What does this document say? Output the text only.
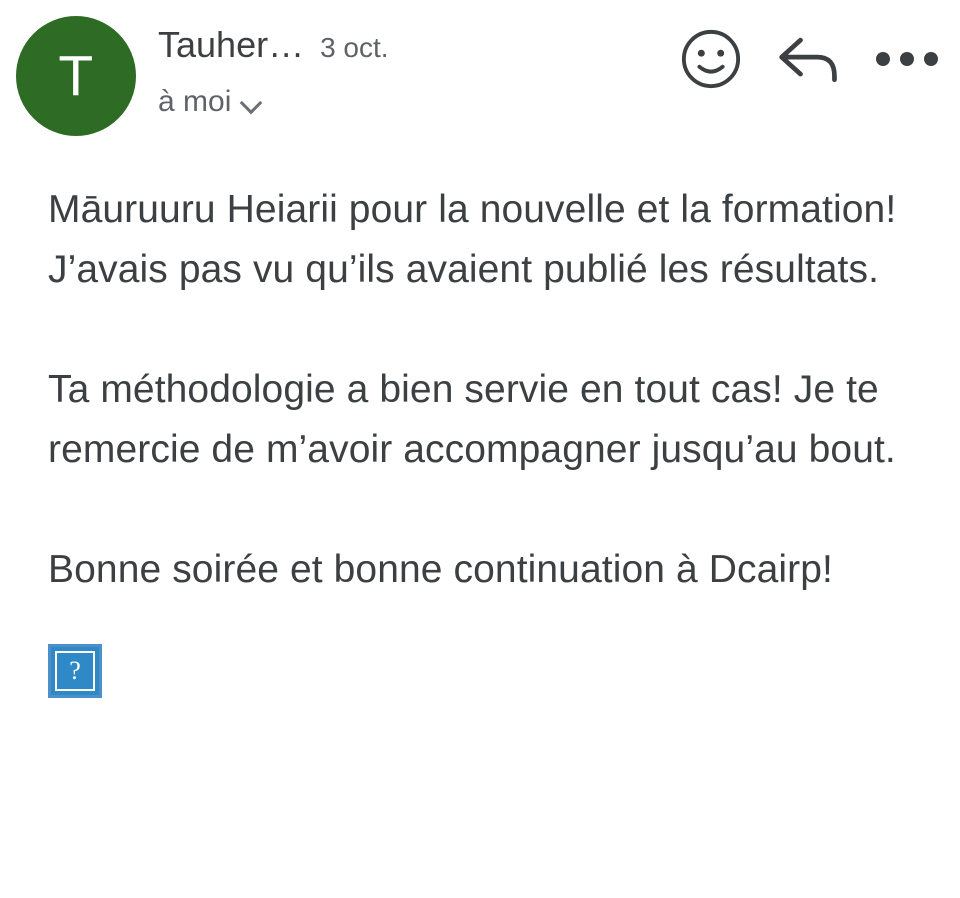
T Tauher… 3 oct.
à moi

Māuruuru Heiarii pour la nouvelle et la formation! J’avais pas vu qu’ils avaient publié les résultats.

Ta méthodologie a bien servie en tout cas! Je te remercie de m’avoir accompagner jusqu’au bout.

Bonne soirée et bonne continuation à Dcairp!

?
